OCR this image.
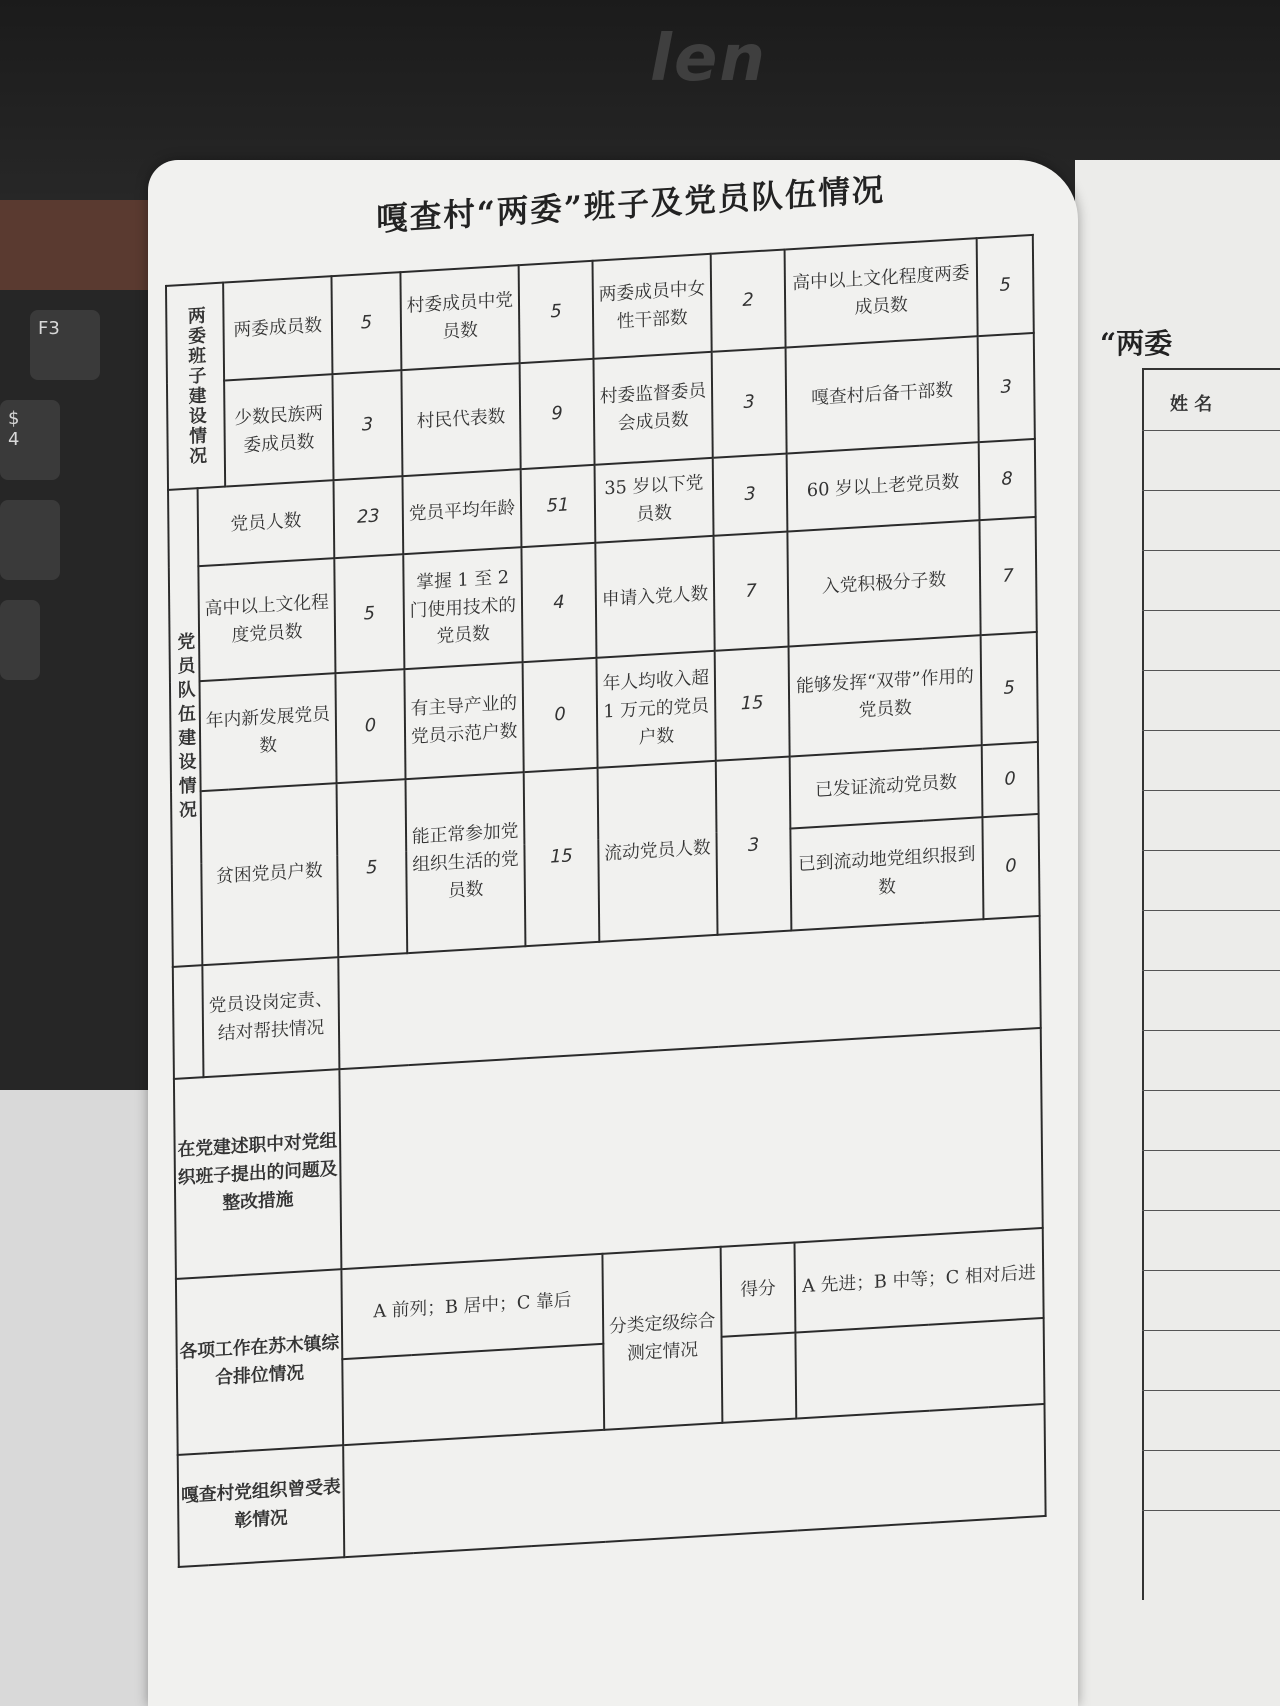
len
F3
$
4
“两委
姓 名
嘎查村“两委”班子及党员队伍情况
两委班子建设情况		两委成员数	5	村委成员中党员数	5	两委成员中女性干部数	2	高中以上文化程度两委成员数	5
		少数民族两委成员数	3	村民代表数	9	村委监督委员会成员数	3	嘎查村后备干部数	3
党员队伍建设情况	党员人数		23	党员平均年龄	51	35 岁以下党员数	3	60 岁以上老党员数	8
	高中以上文化程度党员数		5	掌握 1 至 2 门使用技术的党员数	4	申请入党人数	7	入党积极分子数	7
	年内新发展党员数		0	有主导产业的党员示范户数	0	年人均收入超 1 万元的党员户数	15	能够发挥“双带”作用的党员数	5
	贫困党员户数		5	能正常参加党组织生活的党员数	15	流动党员人数	3	已发证流动党员数	0
								已到流动地党组织报到数	0
	党员设岗定责、结对帮扶情况								
在党建述职中对党组织班子提出的问题及整改措施									
各项工作在苏木镇综合排位情况			A 前列；B 居中；C 靠后			分类定级综合测定情况	得分	A 先进；B 中等；C 相对后进	

嘎查村党组织曾受表彰情况									
